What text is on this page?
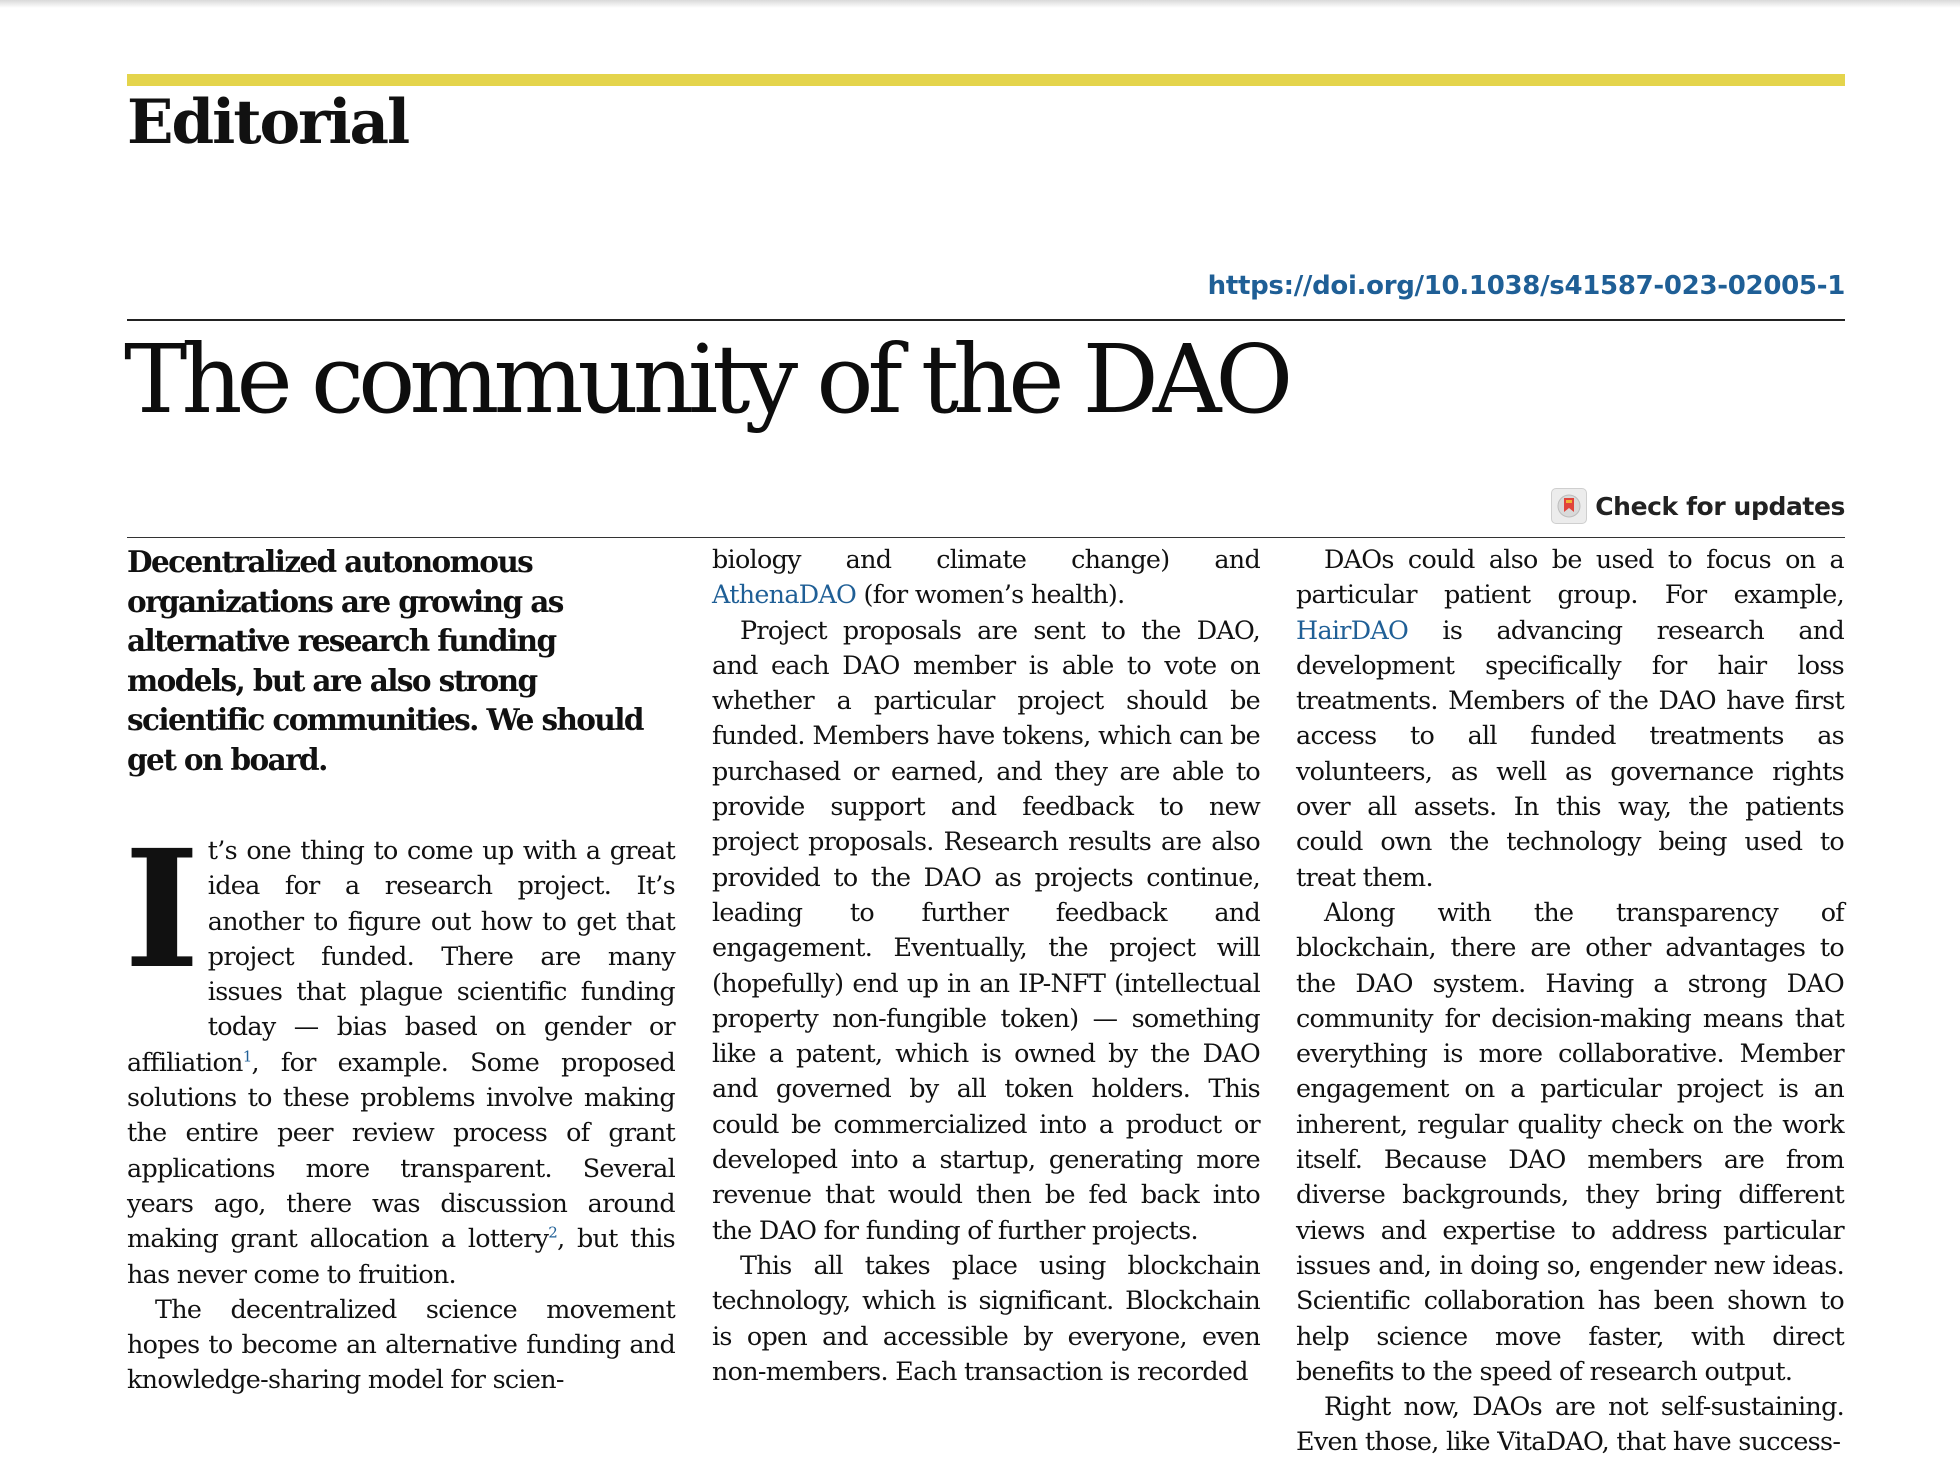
Editorial
https://doi.org/10.1038/s41587-023-02005-1
The community of the DAO
Check for updates

Decentralized autonomous organizations are growing as alternative research funding models, but are also strong scientific communities. We should get on board.

It’s one thing to come up with a great idea for a research project. It’s another to figure out how to get that project funded. There are many issues that plague scientific funding today — bias based on gender or affiliation$^1$, for example. Some proposed solutions to these problems involve making the entire peer review process of grant applications more transparent. Several years ago, there was discussion around making grant allocation a lottery$^2$, but this has never come to fruition.

The decentralized science movement hopes to become an alternative funding and knowledge-sharing model for scien-

biology and climate change) and AthenaDAO (for women’s health).

Project proposals are sent to the DAO, and each DAO member is able to vote on whether a particular project should be funded. Members have tokens, which can be purchased or earned, and they are able to provide support and feedback to new project proposals. Research results are also provided to the DAO as projects continue, leading to further feedback and engagement. Eventually, the project will (hopefully) end up in an IP-NFT (intellectual property non-fungible token) — something like a patent, which is owned by the DAO and governed by all token holders. This could be commercialized into a product or developed into a startup, generating more revenue that would then be fed back into the DAO for funding of further projects.

This all takes place using blockchain technology, which is significant. Blockchain is open and accessible by everyone, even non-members. Each transaction is recorded

DAOs could also be used to focus on a particular patient group. For example, HairDAO is advancing research and development specifically for hair loss treatments. Members of the DAO have first access to all funded treatments as volunteers, as well as governance rights over all assets. In this way, the patients could own the technology being used to treat them.

Along with the transparency of blockchain, there are other advantages to the DAO system. Having a strong DAO community for decision-making means that everything is more collaborative. Member engagement on a particular project is an inherent, regular quality check on the work itself. Because DAO members are from diverse backgrounds, they bring different views and expertise to address particular issues and, in doing so, engender new ideas. Scientific collaboration has been shown to help science move faster, with direct benefits to the speed of research output.

Right now, DAOs are not self-sustaining. Even those, like VitaDAO, that have success-
